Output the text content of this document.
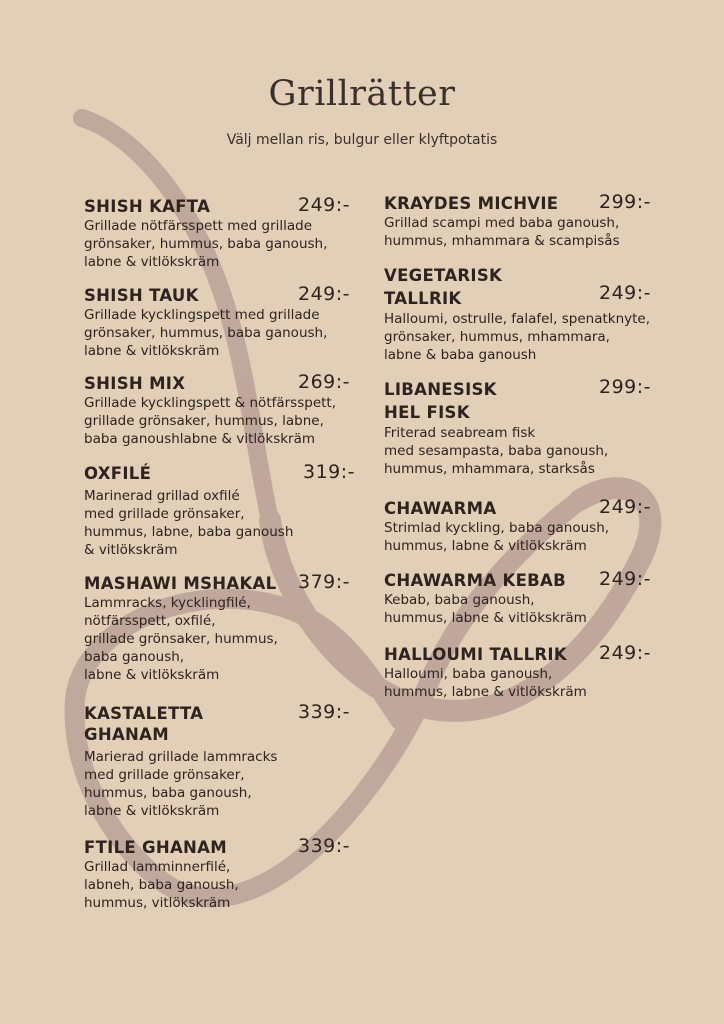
Grillrätter
Välj mellan ris, bulgur eller klyftpotatis
SHISH KAFTA	249:-
Grillade nötfärsspett med grillade
grönsaker, hummus, baba ganoush,
labne & vitlökskräm
SHISH TAUK	249:-
Grillade kycklingspett med grillade
grönsaker, hummus, baba ganoush,
labne & vitlökskräm
SHISH MIX	269:-
Grillade kycklingspett & nötfärsspett,
grillade grönsaker, hummus, labne,
baba ganoushlabne & vitlökskräm
OXFILÉ	319:-
Marinerad grillad oxfilé
med grillade grönsaker,
hummus, labne, baba ganoush
& vitlökskräm
MASHAWI MSHAKAL	379:-
Lammracks, kycklingfilé,
nötfärsspett, oxfilé,
grillade grönsaker, hummus,
baba ganoush,
labne & vitlökskräm
KASTALETTA GHANAM
339:-
Marierad grillade lammracks
med grillade grönsaker,
hummus, baba ganoush,
labne & vitlökskräm
FTILE GHANAM	339:-
Grillad lamminnerfilé,
labneh, baba ganoush,
hummus, vitlökskräm
KRAYDES MICHVIE	299:-
Grillad scampi med baba ganoush,
hummus, mhammara & scampisås
VEGETARISK TALLRIK	249:-
Halloumi, ostrulle, falafel, spenatknyte,
grönsaker, hummus, mhammara,
labne & baba ganoush
LIBANESISK HEL FISK
299:-
Friterad seabream fisk
med sesampasta, baba ganoush,
hummus, mhammara, starksås
CHAWARMA	249:-
Strimlad kyckling, baba ganoush,
hummus, labne & vitlökskräm
CHAWARMA KEBAB	249:-
Kebab, baba ganoush,
hummus, labne & vitlökskräm
HALLOUMI TALLRIK	249:-
Halloumi, baba ganoush,
hummus, labne & vitlökskräm
